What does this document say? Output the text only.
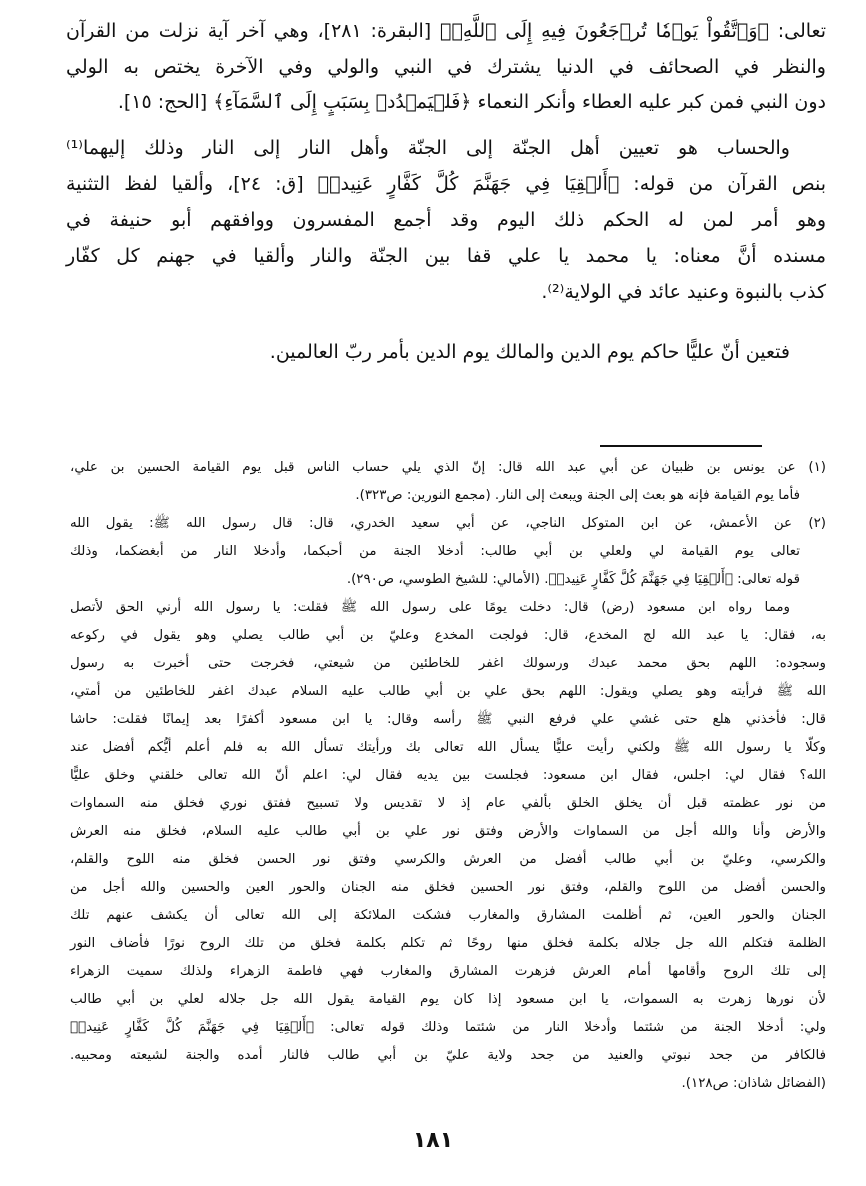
تعالى: ﴿وَٱتَّقُواْ يَوۡمٗا تُرۡجَعُونَ فِيهِ إِلَى ٱللَّهِۖ﴾ [البقرة: ٢٨١]، وهي آخر آية نزلت من القرآن
والنظر في الصحائف في الدنيا يشترك في النبي والولي وفي الآخرة يختص به الولي
دون النبي فمن كبر عليه العطاء وأنكر النعماء ﴿فَلۡيَمۡدُدۡ بِسَبَبٍ إِلَى ٱلسَّمَآءِ﴾ [الحج: ١٥].
والحساب هو تعيين أهل الجنّة إلى الجنّة وأهل النار إلى النار وذلك إليهما⁽¹⁾
بنص القرآن من قوله: ﴿أَلۡقِيَا فِي جَهَنَّمَ كُلَّ كَفَّارٍ عَنِيدٖ﴾ [ق: ٢٤]، وألقيا لفظ التثنية
وهو أمر لمن له الحكم ذلك اليوم وقد أجمع المفسرون ووافقهم أبو حنيفة في
مسنده أنَّ معناه: يا محمد يا علي قفا بين الجنّة والنار وألقيا في جهنم كل كفّار
كذب بالنبوة وعنيد عائد في الولاية⁽²⁾.
فتعين أنّ عليًّا حاكم يوم الدين والمالك يوم الدين بأمر ربّ العالمين.
(١) عن يونس بن ظبيان عن أبي عبد الله قال: إنّ الذي يلي حساب الناس قبل يوم القيامة الحسين بن علي،
فأما يوم القيامة فإنه هو بعث إلى الجنة ويبعث إلى النار. (مجمع النورين: ص٣٢٣).
(٢) عن الأعمش، عن ابن المتوكل الناجي، عن أبي سعيد الخدري، قال: قال رسول الله ﷺ: يقول الله
تعالى يوم القيامة لي ولعلي بن أبي طالب: أدخلا الجنة من أحبكما، وأدخلا النار من أبغضكما، وذلك
قوله تعالى: ﴿أَلۡقِيَا فِي جَهَنَّمَ كُلَّ كَفَّارٍ عَنِيدٖ﴾. (الأمالي: للشيخ الطوسي، ص٢٩٠).
ومما رواه ابن مسعود (رض) قال: دخلت يومًا على رسول الله ﷺ فقلت: يا رسول الله أرني الحق لأتصل
به، فقال: يا عبد الله لج المخدع، قال: فولجت المخدع وعليّ بن أبي طالب يصلي وهو يقول في ركوعه
وسجوده: اللهم بحق محمد عبدك ورسولك اغفر للخاطئين من شيعتي، فخرجت حتى أخبرت به رسول
الله ﷺ فرأيته وهو يصلي ويقول: اللهم بحق علي بن أبي طالب عليه السلام عبدك اغفر للخاطئين من أمتي،
قال: فأخذني هلع حتى غشي علي فرفع النبي ﷺ رأسه وقال: يا ابن مسعود أكفرًا بعد إيمانًا فقلت: حاشا
وكلّا يا رسول الله ﷺ ولكني رأيت عليًّا يسأل الله تعالى بك ورأيتك تسأل الله به فلم أعلم أيُّكم أفضل عند
الله؟ فقال لي: اجلس، فقال ابن مسعود: فجلست بين يديه فقال لي: اعلم أنّ الله تعالى خلقني وخلق عليًّا
من نور عظمته قبل أن يخلق الخلق بألفي عام إذ لا تقديس ولا تسبيح ففتق نوري فخلق منه السماوات
والأرض وأنا والله أجل من السماوات والأرض وفتق نور علي بن أبي طالب عليه السلام، فخلق منه العرش
والكرسي، وعليّ بن أبي طالب أفضل من العرش والكرسي وفتق نور الحسن فخلق منه اللوح والقلم،
والحسن أفضل من اللوح والقلم، وفتق نور الحسين فخلق منه الجنان والحور العين والحسين والله أجل من
الجنان والحور العين، ثم أظلمت المشارق والمغارب فشكت الملائكة إلى الله تعالى أن يكشف عنهم تلك
الظلمة فتكلم الله جل جلاله بكلمة فخلق منها روحًا ثم تكلم بكلمة فخلق من تلك الروح نورًا فأضاف النور
إلى تلك الروح وأقامها أمام العرش فزهرت المشارق والمغارب فهي فاطمة الزهراء ولذلك سميت الزهراء
لأن نورها زهرت به السموات، يا ابن مسعود إذا كان يوم القيامة يقول الله جل جلاله لعلي بن أبي طالب
ولي: أدخلا الجنة من شئتما وأدخلا النار من شئتما وذلك قوله تعالى: ﴿أَلۡقِيَا فِي جَهَنَّمَ كُلَّ كَفَّارٍ عَنِيدٖ﴾
فالكافر من جحد نبوتي والعنيد من جحد ولاية عليّ بن أبي طالب فالنار أمده والجنة لشيعته ومحبيه.
(الفضائل شاذان: ص١٢٨).
١٨١
